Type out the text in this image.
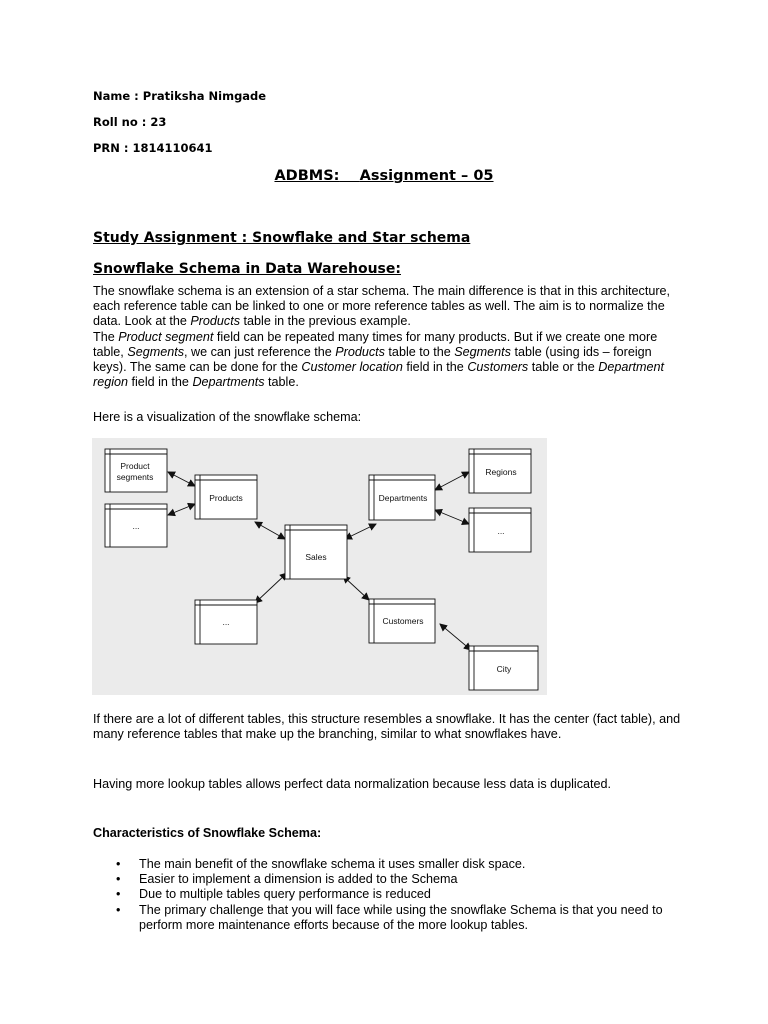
Name : Pratiksha Nimgade
Roll no : 23
PRN : 1814110641
ADBMS: Assignment – 05
Study Assignment : Snowflake and Star schema
Snowflake Schema in Data Warehouse:

The snowflake schema is an extension of a star schema. The main difference is that in this architecture, each reference table can be linked to one or more reference tables as well. The aim is to normalize the data. Look at the Products table in the previous example.

The Product segment field can be repeated many times for many products. But if we create one more table, Segments, we can just reference the Products table to the Segments table (using ids – foreign keys). The same can be done for the Customer location field in the Customers table or the Department region field in the Departments table.

Here is a visualization of the snowflake schema:
Product
segments
...
Products
Sales
...
Departments
Regions
...
Customers
City
If there are a lot of different tables, this structure resembles a snowflake. It has the center (fact table), and many reference tables that make up the branching, similar to what snowflakes have.
Having more lookup tables allows perfect data normalization because less data is duplicated.
Characteristics of Snowflake Schema:
• The main benefit of the snowflake schema it uses smaller disk space.
• Easier to implement a dimension is added to the Schema
• Due to multiple tables query performance is reduced
• The primary challenge that you will face while using the snowflake Schema is that you need to perform more maintenance efforts because of the more lookup tables.
